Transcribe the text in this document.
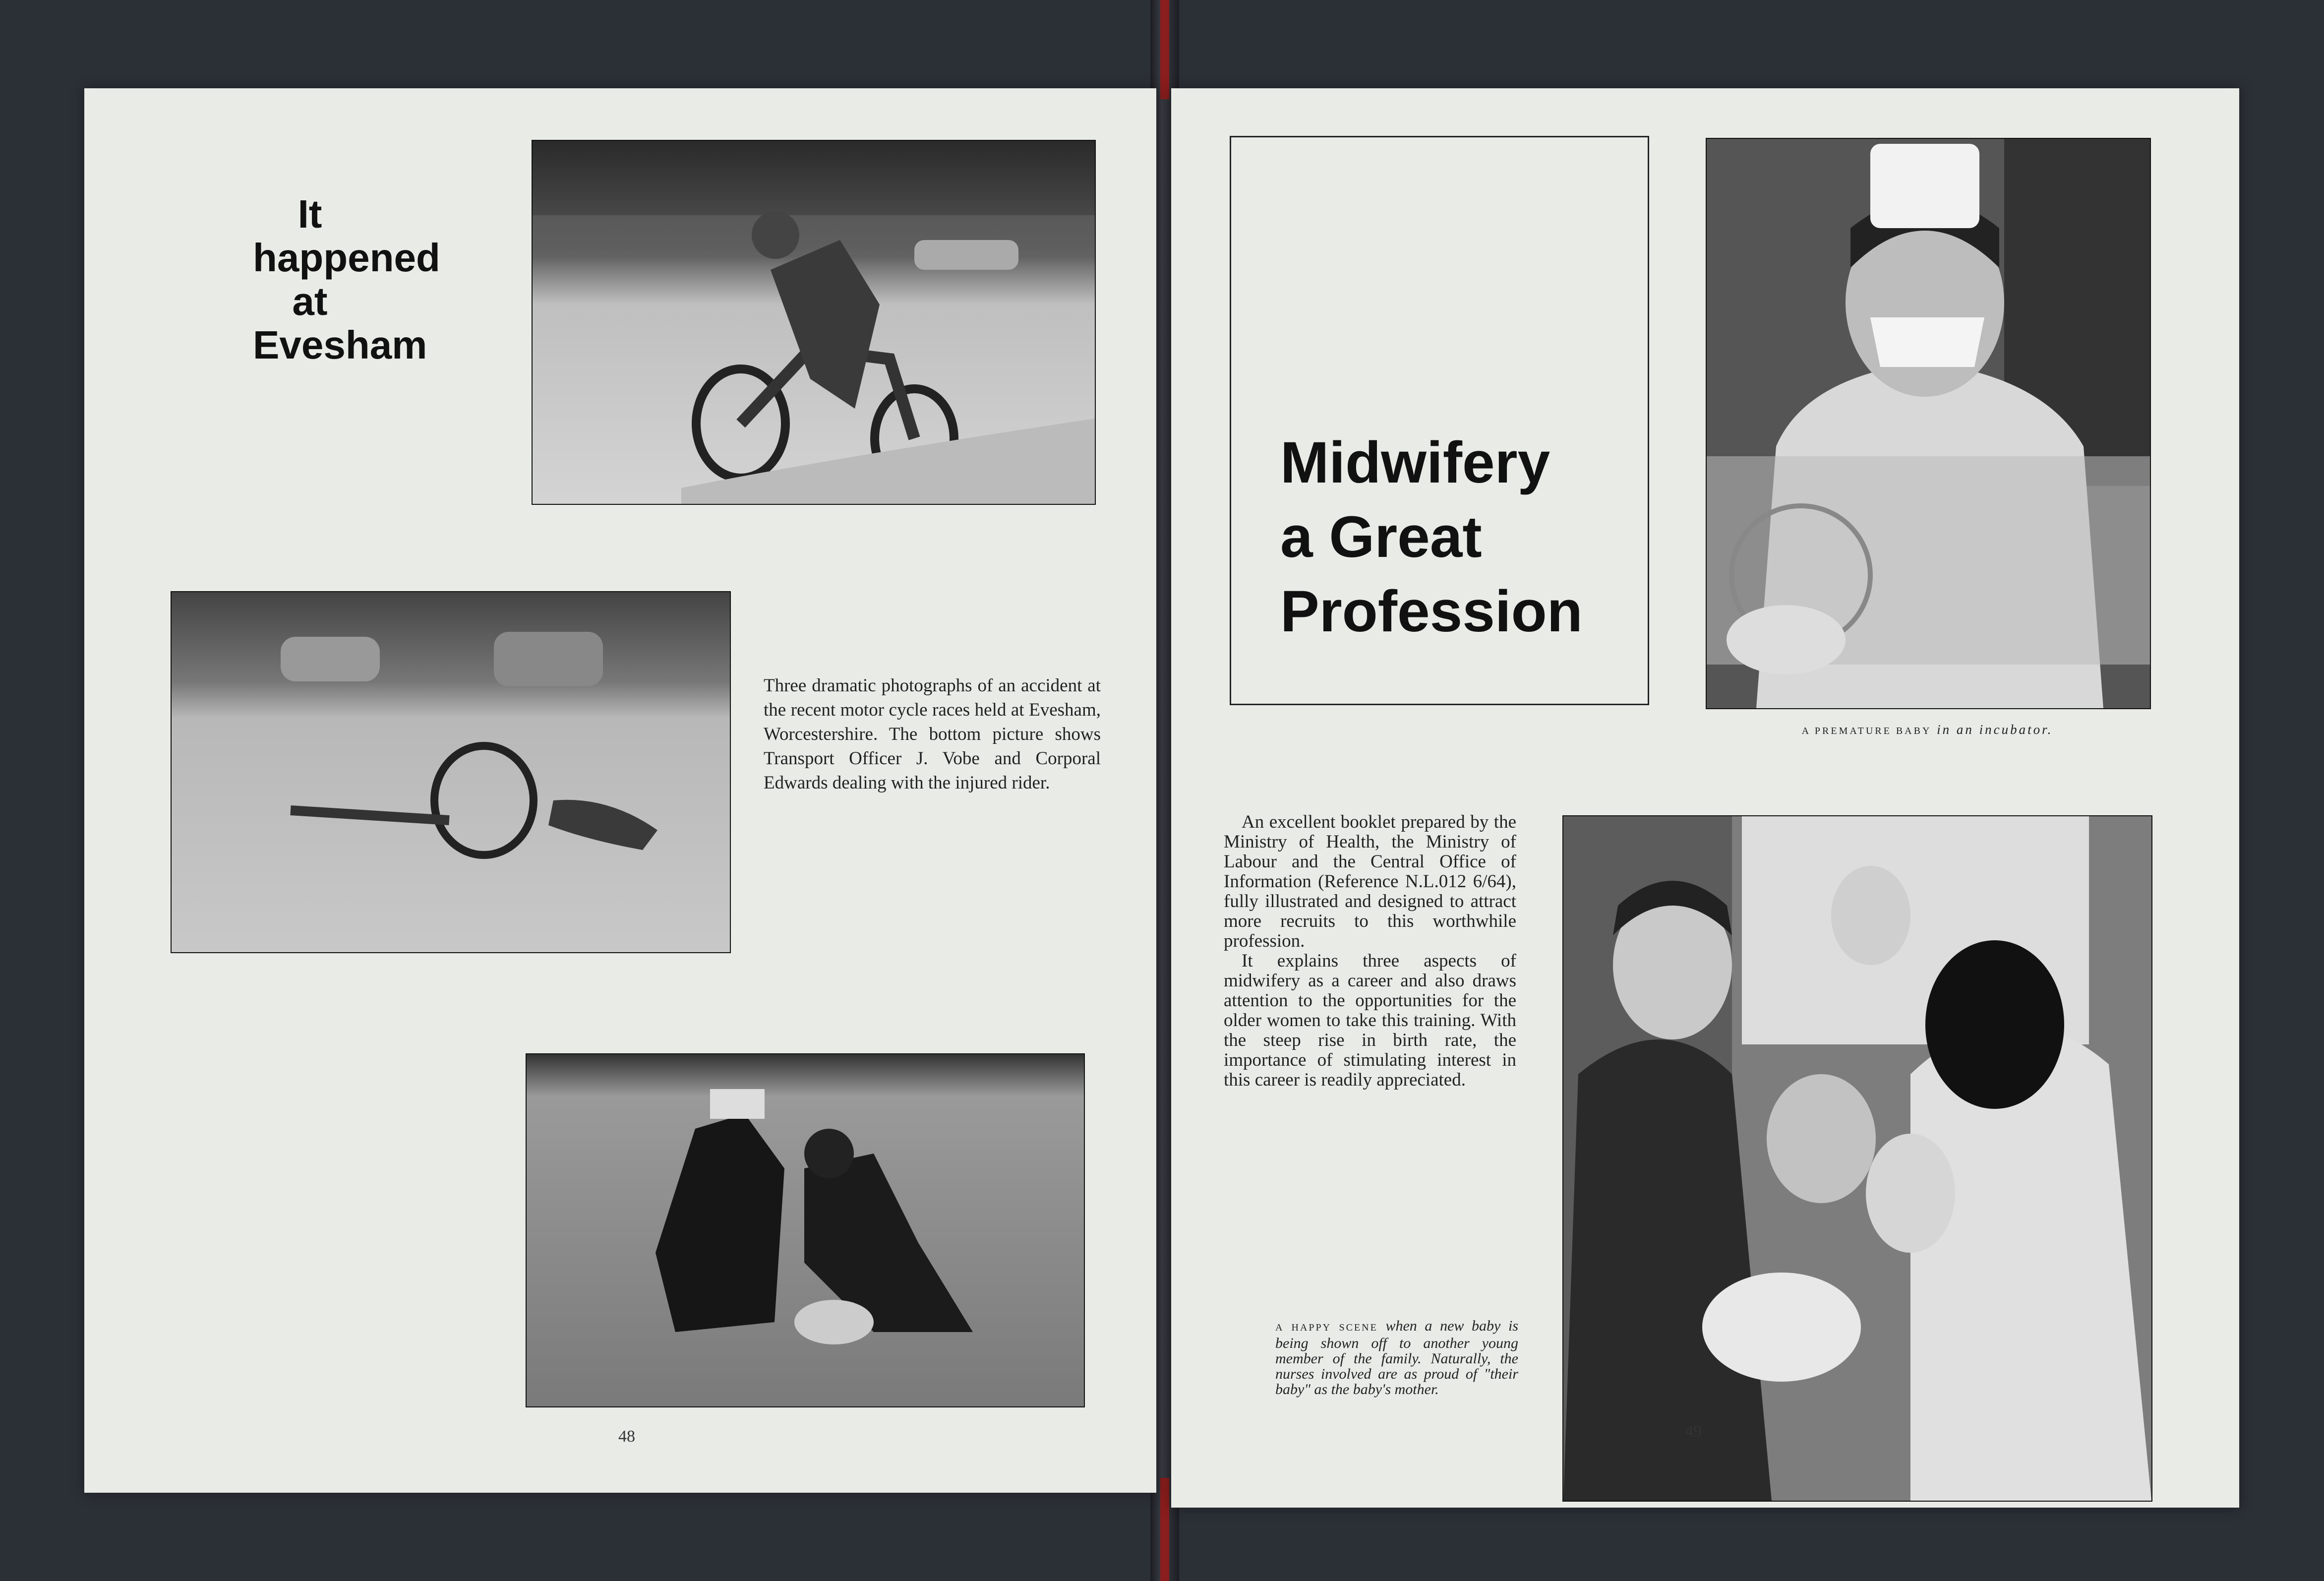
It
happened
at
Evesham
Three dramatic photographs of an accident at the recent motor cycle races held at Evesham, Worcestershire. The bottom picture shows Transport Officer J. Vobe and Corporal Edwards dealing with the injured rider.
48
Midwifery
a Great
Profession
A PREMATURE BABY in an incubator.
An excellent booklet prepared by the Ministry of Health, the Ministry of Labour and the Central Office of Information (Reference N.L.012 6/64), fully illustrated and designed to attract more recruits to this worthwhile profession.
It explains three aspects of midwifery as a career and also draws attention to the opportunities for the older women to take this training. With the steep rise in birth rate, the importance of stimulating interest in this career is readily appreciated.
A HAPPY SCENE when a new baby is being shown off to another young member of the family. Naturally, the nurses involved are as proud of "their baby" as the baby's mother.
49
